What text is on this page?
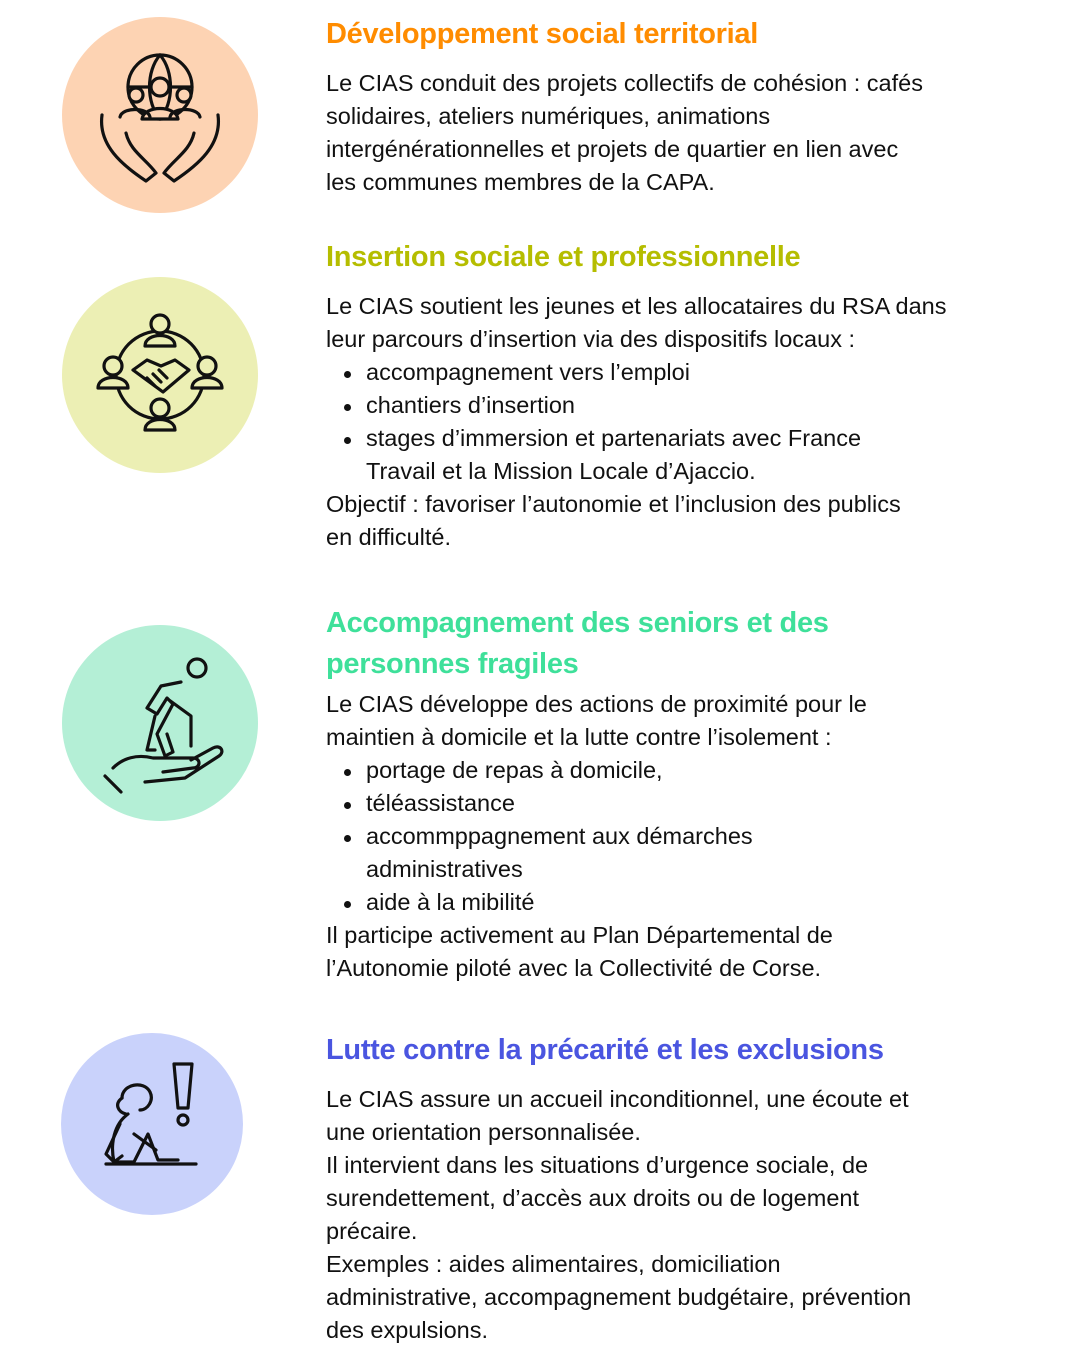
Développement social territorial
Le CIAS conduit des projets collectifs de cohésion : cafés
solidaires, ateliers numériques, animations
intergénérationnelles et projets de quartier en lien avec
les communes membres de la CAPA.
Insertion sociale et professionnelle
Le CIAS soutient les jeunes et les allocataires du RSA dans
leur parcours d’insertion via des dispositifs locaux :
accompagnement vers l’emploi
chantiers d’insertion
stages d’immersion et partenariats avec France
Travail et la Mission Locale d’Ajaccio.
Objectif : favoriser l’autonomie et l’inclusion des publics
en difficulté.
Accompagnement des seniors et des
personnes fragiles
Le CIAS développe des actions de proximité pour le
maintien à domicile et la lutte contre l’isolement :
portage de repas à domicile,
téléassistance
accommppagnement aux démarches
administratives
aide à la mibilité
Il participe activement au Plan Départemental de
l’Autonomie piloté avec la Collectivité de Corse.
Lutte contre la précarité et les exclusions
Le CIAS assure un accueil inconditionnel, une écoute et
une orientation personnalisée.
Il intervient dans les situations d’urgence sociale, de
surendettement, d’accès aux droits ou de logement
précaire.
Exemples : aides alimentaires, domiciliation
administrative, accompagnement budgétaire, prévention
des expulsions.
